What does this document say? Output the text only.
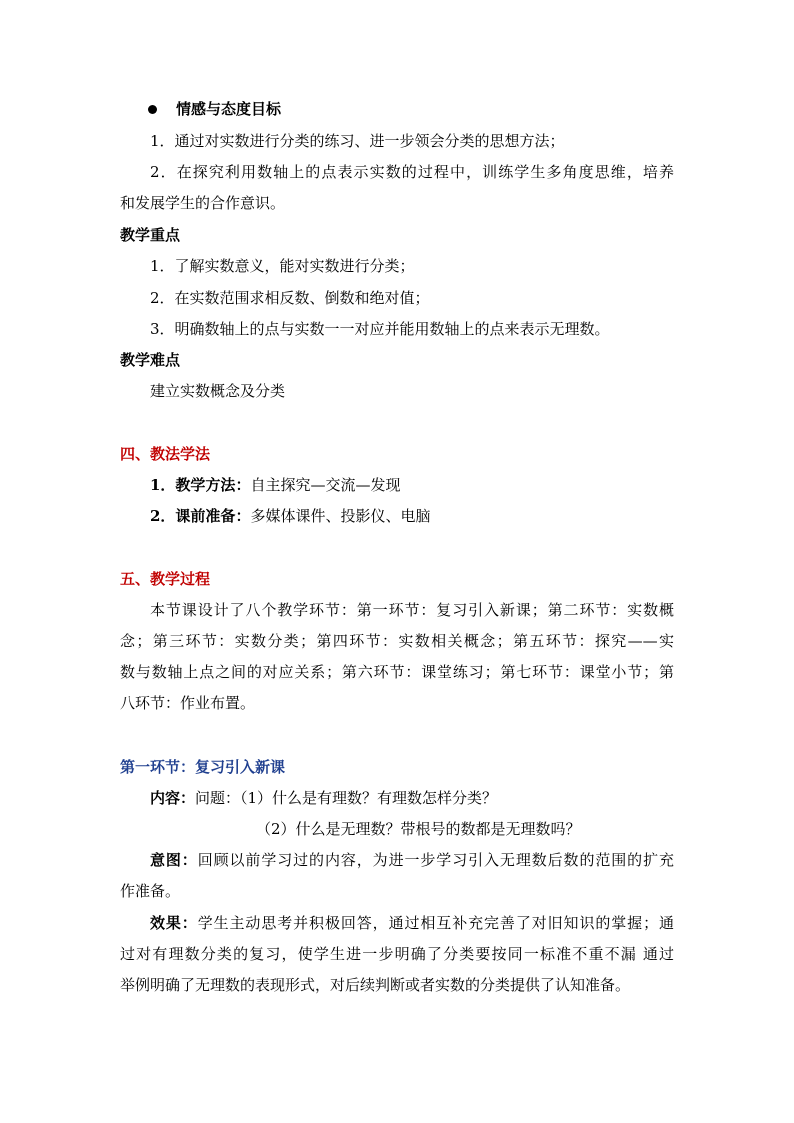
情感与态度目标
1．通过对实数进行分类的练习、进一步领会分类的思想方法；
2．在探究利用数轴上的点表示实数的过程中，训练学生多角度思维，培养
和发展学生的合作意识。
教学重点
1．了解实数意义，能对实数进行分类；
2．在实数范围求相反数、倒数和绝对值；
3．明确数轴上的点与实数一一对应并能用数轴上的点来表示无理数。
教学难点
建立实数概念及分类
四、教法学法
1．教学方法：自主探究—交流—发现
2．课前准备：多媒体课件、投影仪、电脑
五、教学过程
本节课设计了八个教学环节：第一环节：复习引入新课；第二环节：实数概
念；第三环节：实数分类；第四环节：实数相关概念；第五环节：探究——实
数与数轴上点之间的对应关系；第六环节：课堂练习；第七环节：课堂小节；第
八环节：作业布置。
第一环节：复习引入新课
内容：问题：（1）什么是有理数？有理数怎样分类？
（2）什么是无理数？带根号的数都是无理数吗？
意图：回顾以前学习过的内容，为进一步学习引入无理数后数的范围的扩充
作准备。
效果：学生主动思考并积极回答，通过相互补充完善了对旧知识的掌握；通
过对有理数分类的复习，使学生进一步明确了分类要按同一标准不重不漏 通过
举例明确了无理数的表现形式，对后续判断或者实数的分类提供了认知准备。
